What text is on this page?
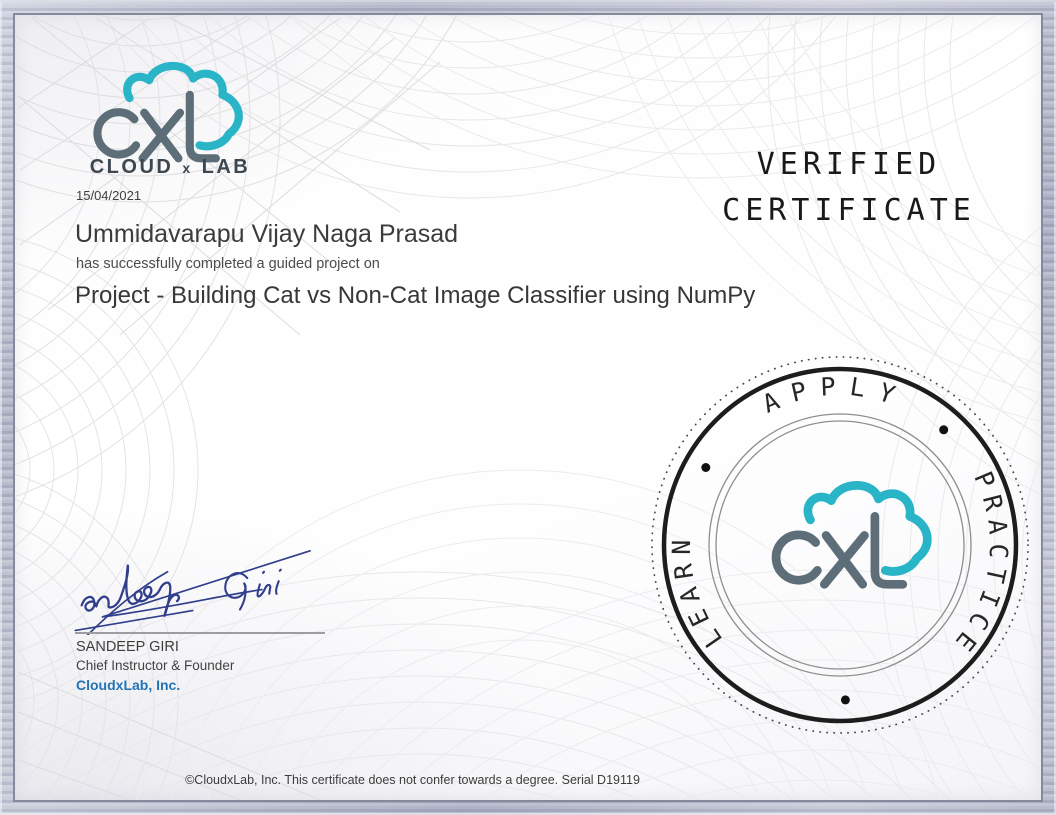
CLOUD x LAB
15/04/2021
VERIFIED
CERTIFICATE
Ummidavarapu Vijay Naga Prasad
has successfully completed a guided project on
Project - Building Cat vs Non-Cat Image Classifier using NumPy
SANDEEP GIRI
Chief Instructor & Founder
CloudxLab, Inc.
APPLY
PRACTICE
LEARN
©CloudxLab, Inc. This certificate does not confer towards a degree. Serial D19119
